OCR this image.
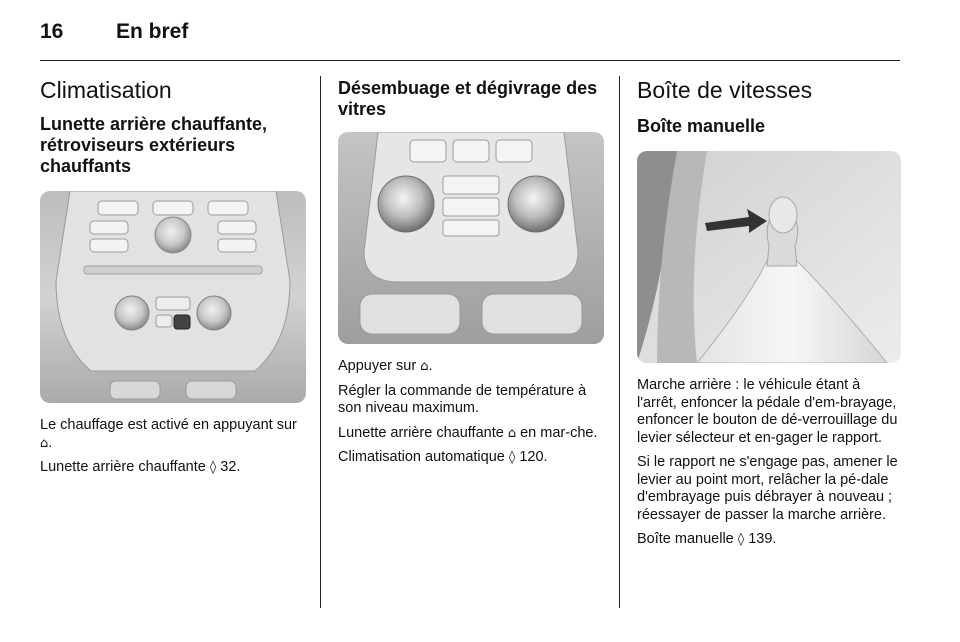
16	En bref
Climatisation
Lunette arrière chauffante, rétroviseurs extérieurs chauffants

Le chauffage est activé en appuyant sur ⌂.

Lunette arrière chauffante ◊ 32.

Désembuage et dégivrage des vitres

Appuyer sur ⌂.

Régler la commande de température à son niveau maximum.

Lunette arrière chauffante ⌂ en mar-che.

Climatisation automatique ◊ 120.

Boîte de vitesses
Boîte manuelle

Marche arrière : le véhicule étant à l'arrêt, enfoncer la pédale d'em-brayage, enfoncer le bouton de dé-verrouillage du levier sélecteur et en-gager le rapport.

Si le rapport ne s'engage pas, amener le levier au point mort, relâcher la pé-dale d'embrayage puis débrayer à nouveau ; réessayer de passer la marche arrière.

Boîte manuelle ◊ 139.
